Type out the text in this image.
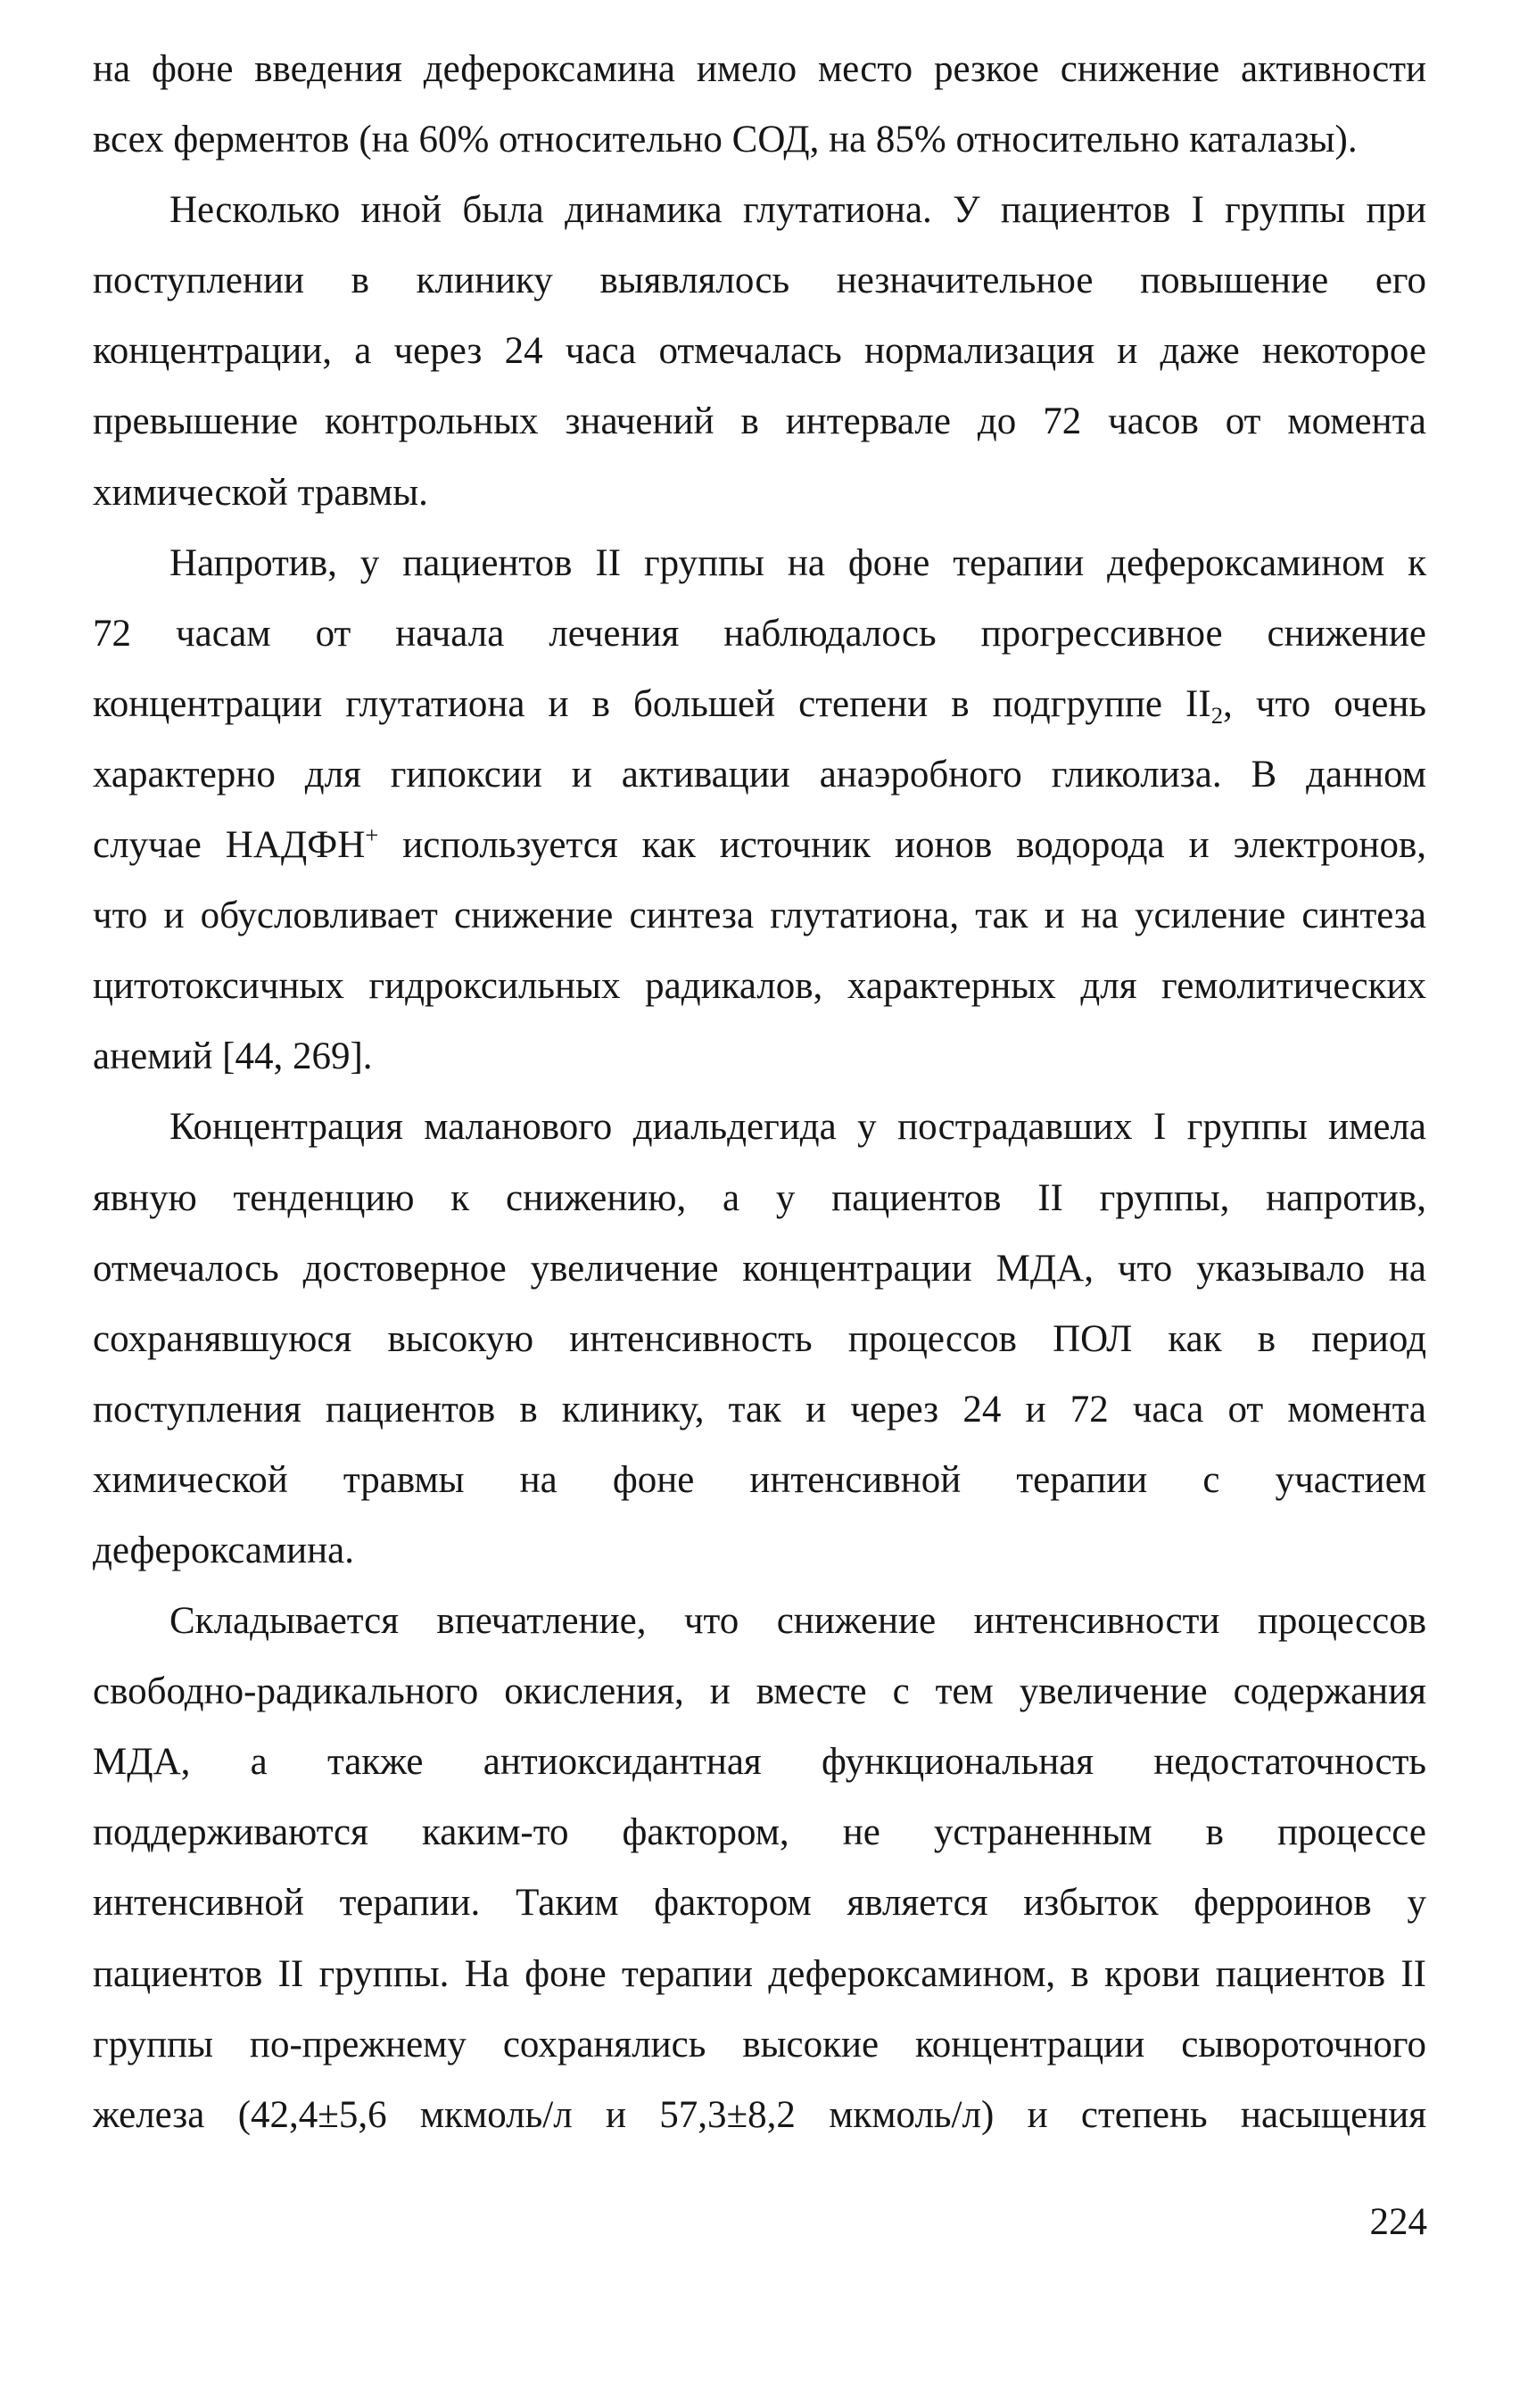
на фоне введения дефероксамина имело место резкое снижение активности
всех ферментов (на 60% относительно СОД, на 85% относительно каталазы).
Несколько иной была динамика глутатиона. У пациентов I группы при
поступлении в клинику выявлялось незначительное повышение его
концентрации, а через 24 часа отмечалась нормализация и даже некоторое
превышение контрольных значений в интервале до 72 часов от момента
химической травмы.
Напротив, у пациентов II группы на фоне терапии дефероксамином к
72 часам от начала лечения наблюдалось прогрессивное снижение
концентрации глутатиона и в большей степени в подгруппе II2, что очень
характерно для гипоксии и активации анаэробного гликолиза. В данном
случае НАДФН+ используется как источник ионов водорода и электронов,
что и обусловливает снижение синтеза глутатиона, так и на усиление синтеза
цитотоксичных гидроксильных радикалов, характерных для гемолитических
анемий [44, 269].
Концентрация маланового диальдегида у пострадавших I группы имела
явную тенденцию к снижению, а у пациентов II группы, напротив,
отмечалось достоверное увеличение концентрации МДА, что указывало на
сохранявшуюся высокую интенсивность процессов ПОЛ как в период
поступления пациентов в клинику, так и через 24 и 72 часа от момента
химической травмы на фоне интенсивной терапии с участием
дефероксамина.
Складывается впечатление, что снижение интенсивности процессов
свободно-радикального окисления, и вместе с тем увеличение содержания
МДА, а также антиоксидантная функциональная недостаточность
поддерживаются каким-то фактором, не устраненным в процессе
интенсивной терапии. Таким фактором является избыток ферроинов у
пациентов II группы. На фоне терапии дефероксамином, в крови пациентов II
группы по-прежнему сохранялись высокие концентрации сывороточного
железа (42,4±5,6 мкмоль/л и 57,3±8,2 мкмоль/л) и степень насыщения
224
